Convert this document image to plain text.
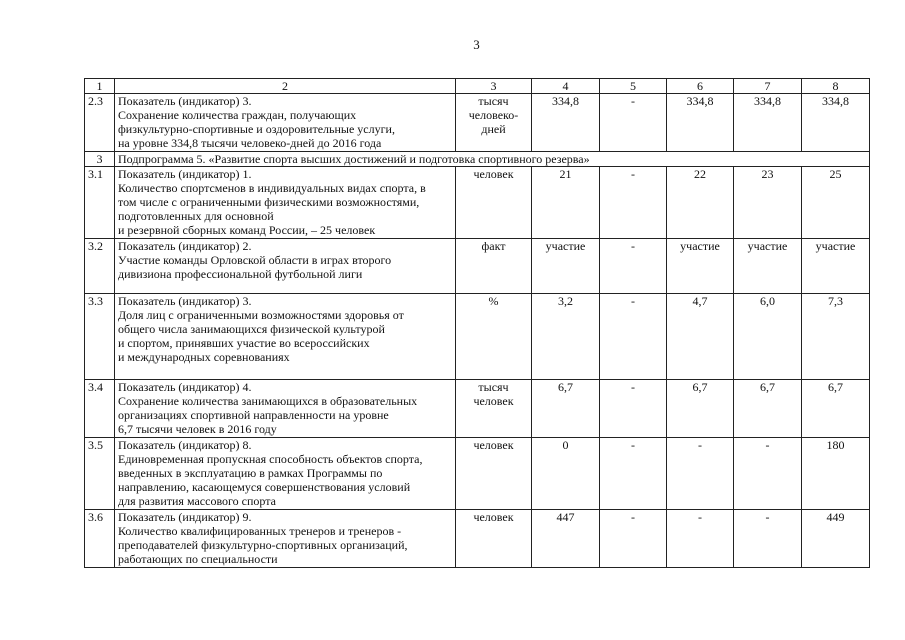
3
1	2	3	4	5	6	7	8
2.3	Показатель (индикатор) 3.
Сохранение количества граждан, получающих
физкультурно-спортивные и оздоровительные услуги,
на уровне 334,8 тысячи человеко-дней до 2016 года	тысяч
человеко-
дней	334,8	-	334,8	334,8	334,8
3	Подпрограмма 5. «Развитие спорта высших достижений и подготовка спортивного резерва»						
3.1	Показатель (индикатор) 1.
Количество спортсменов в индивидуальных видах спорта, в
том числе с ограниченными физическими возможностями,
подготовленных для основной
и резервной сборных команд России, – 25 человек	человек	21	-	22	23	25
3.2	Показатель (индикатор) 2.
Участие команды Орловской области в играх второго
дивизиона профессиональной футбольной лиги	факт	участие	-	участие	участие	участие
3.3	Показатель (индикатор) 3.
Доля лиц с ограниченными возможностями здоровья от
общего числа занимающихся физической культурой
и спортом, принявших участие во всероссийских
и международных соревнованиях	%	3,2	-	4,7	6,0	7,3
3.4	Показатель (индикатор) 4.
Сохранение количества занимающихся в образовательных
организациях спортивной направленности на уровне
6,7 тысячи человек в 2016 году	тысяч
человек	6,7	-	6,7	6,7	6,7
3.5	Показатель (индикатор) 8.
Единовременная пропускная способность объектов спорта,
введенных в эксплуатацию в рамках Программы по
направлению, касающемуся совершенствования условий
для развития массового спорта	человек	0	-	-	-	180
3.6	Показатель (индикатор) 9.
Количество квалифицированных тренеров и тренеров -
преподавателей физкультурно-спортивных организаций,
работающих по специальности	человек	447	-	-	-	449
